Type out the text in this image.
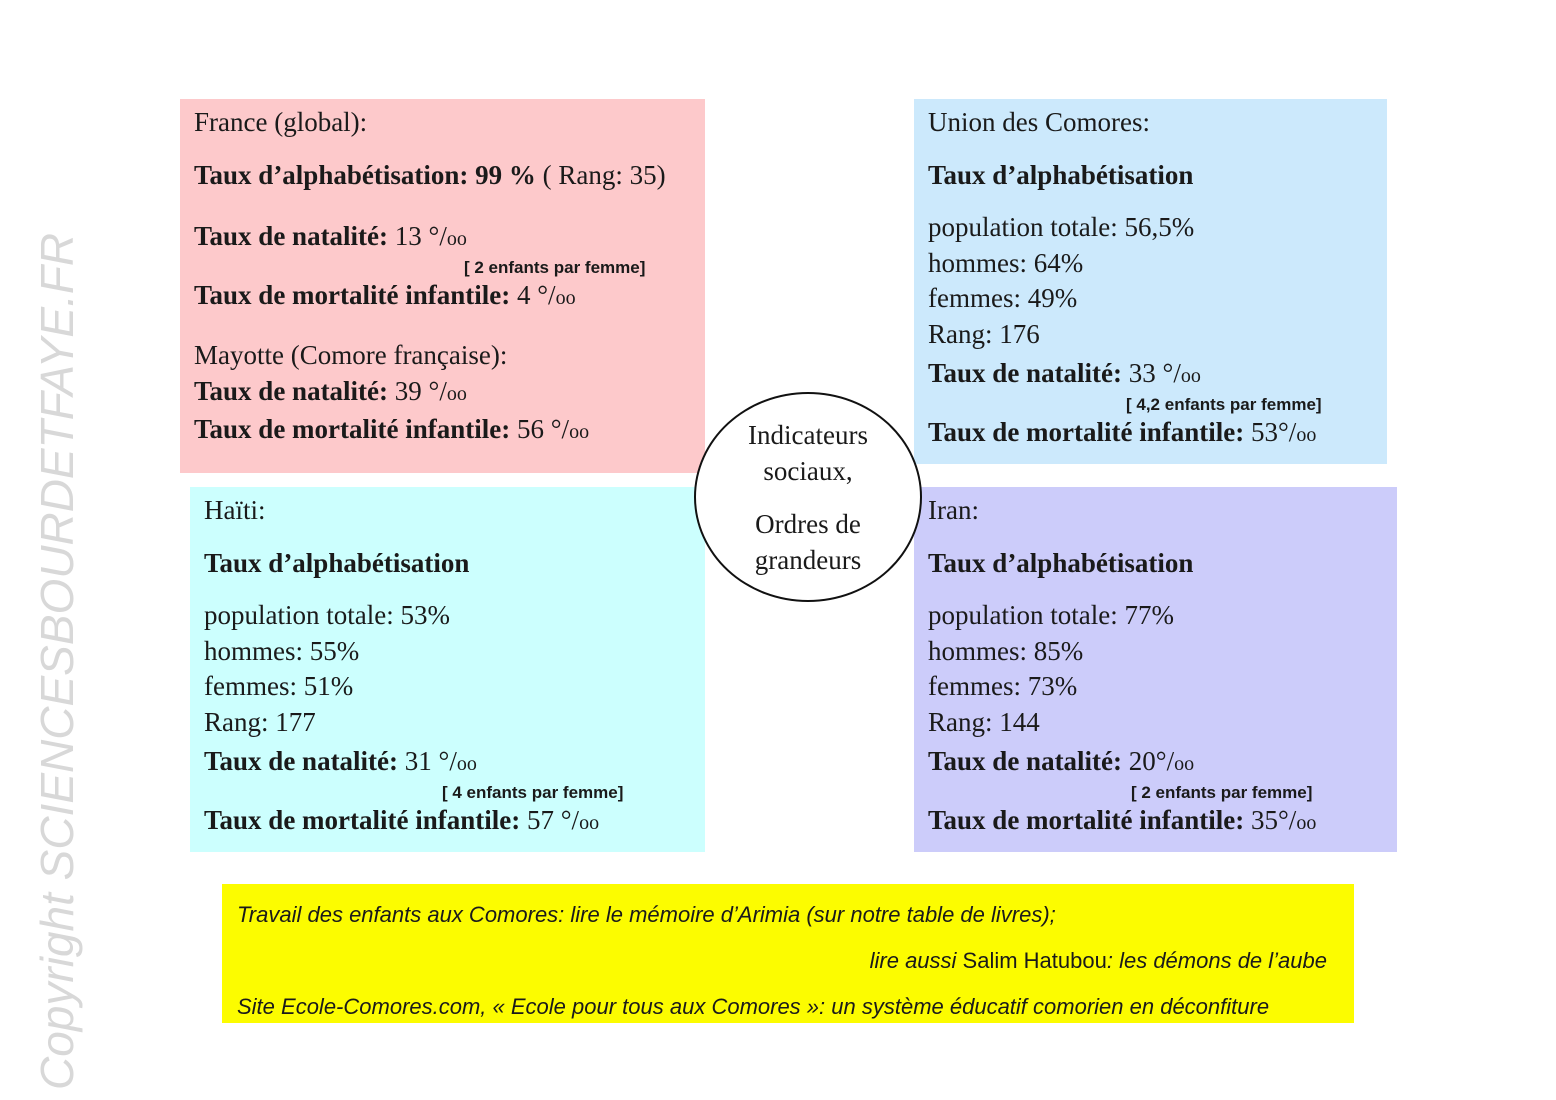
France (global):
Taux d’alphabétisation: 99 % ( Rang: 35)
Taux de natalité: 13 °/oo
[ 2 enfants par femme]
Taux de mortalité infantile: 4 °/oo
Mayotte (Comore française):
Taux de natalité: 39 °/oo
Taux de mortalité infantile: 56 °/oo
Union des Comores:
Taux d’alphabétisation
population totale: 56,5%
hommes: 64%
femmes: 49%
Rang: 176
Taux de natalité: 33 °/oo
[ 4,2 enfants par femme]
Taux de mortalité infantile: 53°/oo
Haïti:
Taux d’alphabétisation
population totale: 53%
hommes: 55%
femmes: 51%
Rang: 177
Taux de natalité: 31 °/oo
[ 4 enfants par femme]
Taux de mortalité infantile: 57 °/oo
Iran:
Taux d’alphabétisation
population totale: 77%
hommes: 85%
femmes: 73%
Rang: 144
Taux de natalité: 20°/oo
[ 2 enfants par femme]
Taux de mortalité infantile: 35°/oo
Indicateurs
sociaux,
Ordres de
grandeurs
Travail des enfants aux Comores: lire le mémoire d’Arimia (sur notre table de livres);
lire aussi Salim Hatubou: les démons de l’aube
Site Ecole-Comores.com, « Ecole pour tous aux Comores »: un système éducatif comorien en déconfiture
Copyright SCIENCESBOURDETFAYE.FR
